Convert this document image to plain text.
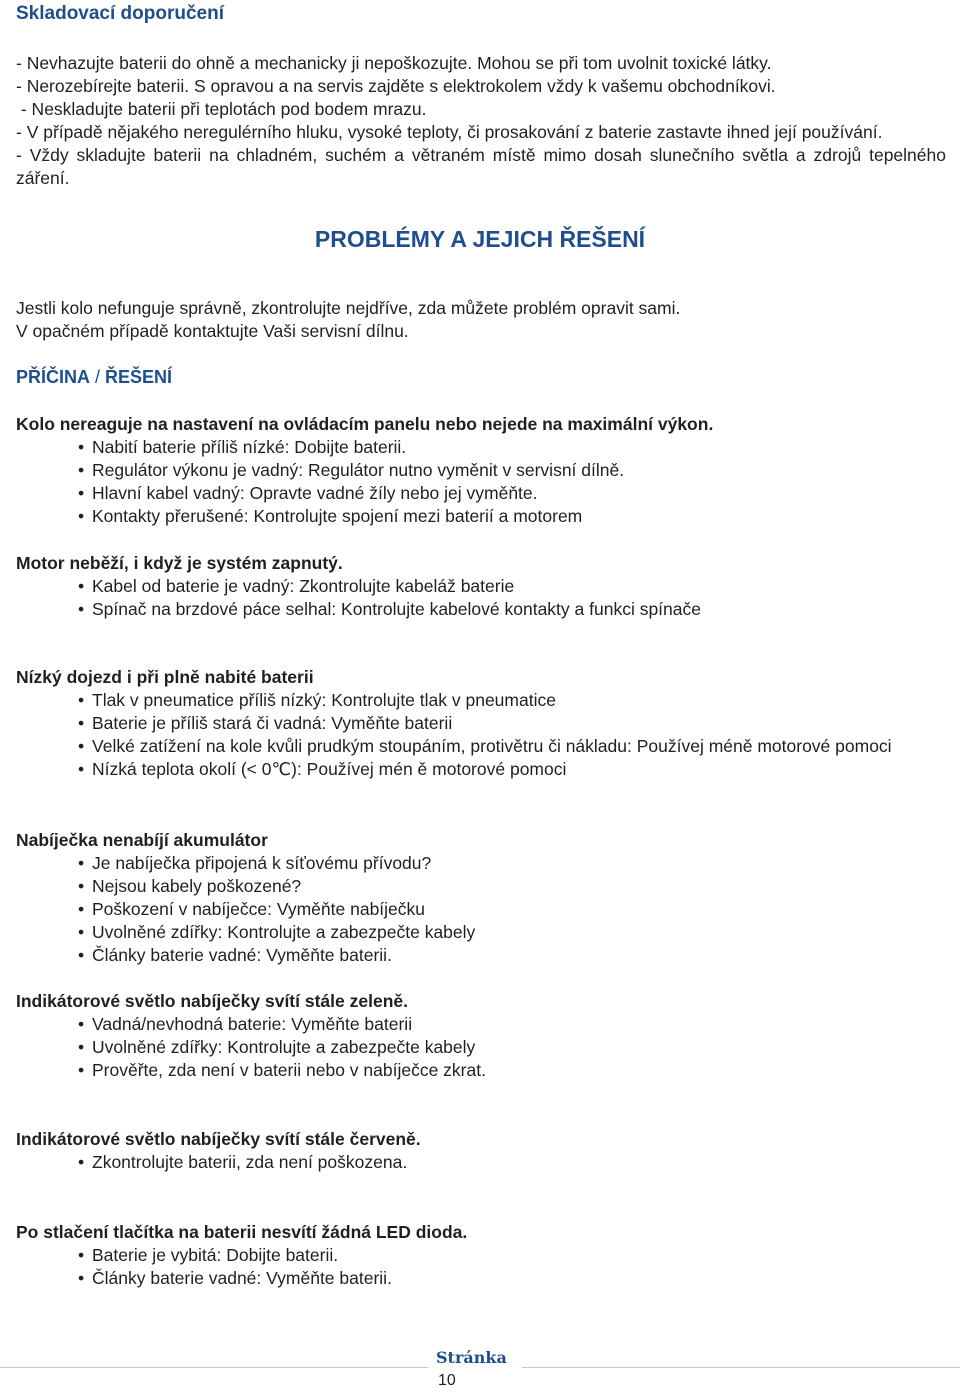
Skladovací doporučení

- Nevhazujte baterii do ohně a mechanicky ji nepoškozujte. Mohou se při tom uvolnit toxické látky.

- Nerozebírejte baterii. S opravou a na servis zajděte s elektrokolem vždy k vašemu obchodníkovi.

- Neskladujte baterii při teplotách pod bodem mrazu.

- V případě nějakého neregulérního hluku, vysoké teploty, či prosakování z baterie zastavte ihned její používání.

- Vždy skladujte baterii na chladném, suchém a větraném místě mimo dosah slunečního světla a zdrojů tepelného záření.

PROBLÉMY A JEJICH ŘEŠENÍ

Jestli kolo nefunguje správně, zkontrolujte nejdříve, zda můžete problém opravit sami.

V opačném případě kontaktujte Vaši servisní dílnu.

PŘÍČINA / ŘEŠENÍ

Kolo nereaguje na nastavení na ovládacím panelu nebo nejede na maximální výkon.

• Nabití baterie příliš nízké: Dobijte baterii.
• Regulátor výkonu je vadný: Regulátor nutno vyměnit v servisní dílně.
• Hlavní kabel vadný: Opravte vadné žíly nebo jej vyměňte.
• Kontakty přerušené: Kontrolujte spojení mezi baterií a motorem

Motor neběží, i když je systém zapnutý.

• Kabel od baterie je vadný: Zkontrolujte kabeláž baterie
• Spínač na brzdové páce selhal: Kontrolujte kabelové kontakty a funkci spínače

Nízký dojezd i při plně nabité baterii

• Tlak v pneumatice příliš nízký: Kontrolujte tlak v pneumatice
• Baterie je příliš stará či vadná: Vyměňte baterii
• Velké zatížení na kole kvůli prudkým stoupáním, protivětru či nákladu: Používej méně motorové pomoci
• Nízká teplota okolí (< 0℃): Používej mén ě motorové pomoci

Nabíječka nenabíjí akumulátor

• Je nabíječka připojená k síťovému přívodu?
• Nejsou kabely poškozené?
• Poškození v nabíječce: Vyměňte nabíječku
• Uvolněné zdířky: Kontrolujte a zabezpečte kabely
• Články baterie vadné: Vyměňte baterii.

Indikátorové světlo nabíječky svítí stále zeleně.

• Vadná/nevhodná baterie: Vyměňte baterii
• Uvolněné zdířky: Kontrolujte a zabezpečte kabely
• Prověřte, zda není v baterii nebo v nabíječce zkrat.

Indikátorové světlo nabíječky svítí stále červeně.

• Zkontrolujte baterii, zda není poškozena.

Po stlačení tlačítka na baterii nesvítí žádná LED dioda.

• Baterie je vybitá: Dobijte baterii.
• Články baterie vadné: Vyměňte baterii.
Stránka
10
